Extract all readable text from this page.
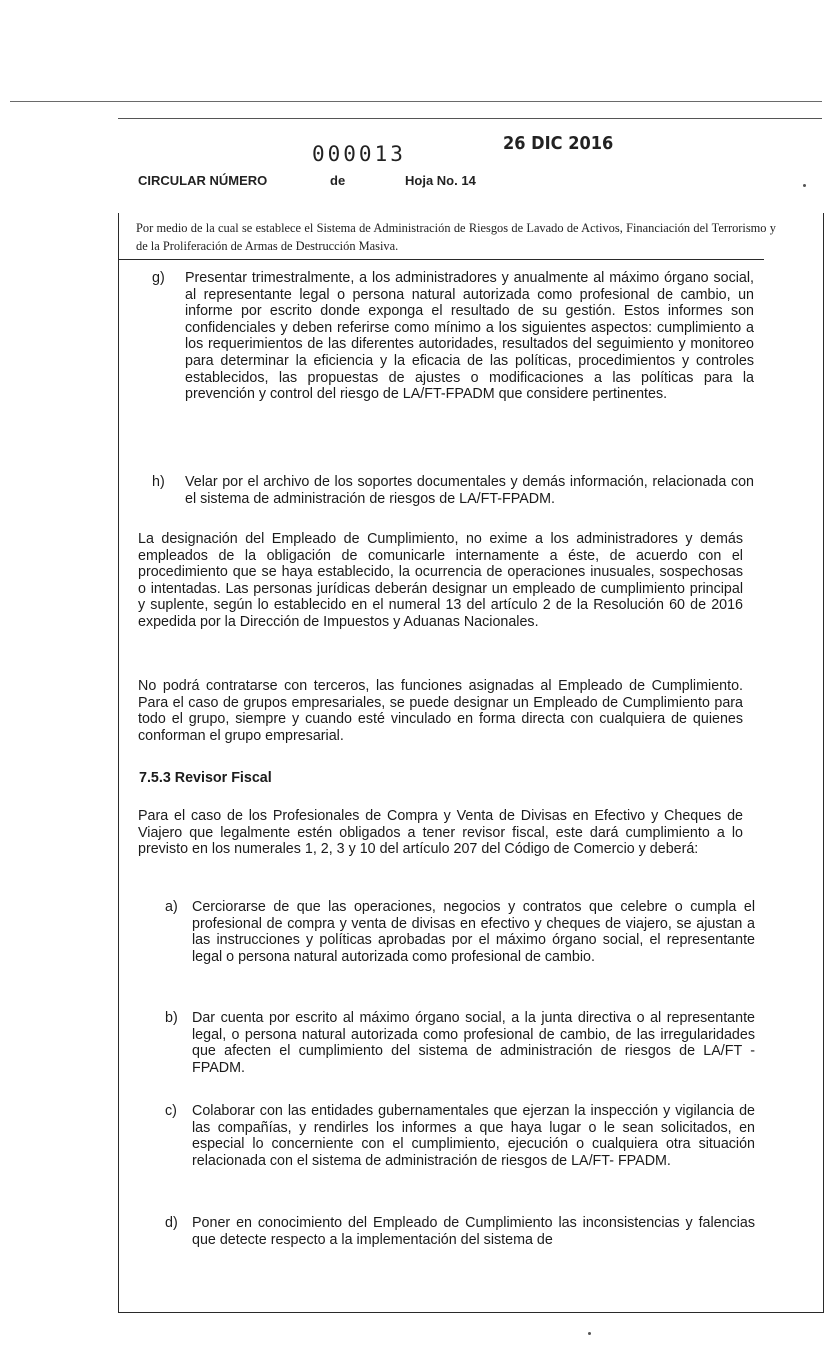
000013	26 DIC 2016
CIRCULAR NÚMERO	de	Hoja No. 14
Por medio de la cual se establece el Sistema de Administración de Riesgos de Lavado de Activos, Financiación del Terrorismo y de la Proliferación de Armas de Destrucción Masiva.
g) Presentar trimestralmente, a los administradores y anualmente al máximo órgano social, al representante legal o persona natural autorizada como profesional de cambio, un informe por escrito donde exponga el resultado de su gestión. Estos informes son confidenciales y deben referirse como mínimo a los siguientes aspectos: cumplimiento a los requerimientos de las diferentes autoridades, resultados del seguimiento y monitoreo para determinar la eficiencia y la eficacia de las políticas, procedimientos y controles establecidos, las propuestas de ajustes o modificaciones a las políticas para la prevención y control del riesgo de LA/FT-FPADM que considere pertinentes.
h) Velar por el archivo de los soportes documentales y demás información, relacionada con el sistema de administración de riesgos de LA/FT-FPADM.
La designación del Empleado de Cumplimiento, no exime a los administradores y demás empleados de la obligación de comunicarle internamente a éste, de acuerdo con el procedimiento que se haya establecido, la ocurrencia de operaciones inusuales, sospechosas o intentadas. Las personas jurídicas deberán designar un empleado de cumplimiento principal y suplente, según lo establecido en el numeral 13 del artículo 2 de la Resolución 60 de 2016 expedida por la Dirección de Impuestos y Aduanas Nacionales.
No podrá contratarse con terceros, las funciones asignadas al Empleado de Cumplimiento. Para el caso de grupos empresariales, se puede designar un Empleado de Cumplimiento para todo el grupo, siempre y cuando esté vinculado en forma directa con cualquiera de quienes conforman el grupo empresarial.
7.5.3 Revisor Fiscal
Para el caso de los Profesionales de Compra y Venta de Divisas en Efectivo y Cheques de Viajero que legalmente estén obligados a tener revisor fiscal, este dará cumplimiento a lo previsto en los numerales 1, 2, 3 y 10 del artículo 207 del Código de Comercio y deberá:
a) Cerciorarse de que las operaciones, negocios y contratos que celebre o cumpla el profesional de compra y venta de divisas en efectivo y cheques de viajero, se ajustan a las instrucciones y políticas aprobadas por el máximo órgano social, el representante legal o persona natural autorizada como profesional de cambio.
b) Dar cuenta por escrito al máximo órgano social, a la junta directiva o al representante legal, o persona natural autorizada como profesional de cambio, de las irregularidades que afecten el cumplimiento del sistema de administración de riesgos de LA/FT - FPADM.
c) Colaborar con las entidades gubernamentales que ejerzan la inspección y vigilancia de las compañías, y rendirles los informes a que haya lugar o le sean solicitados, en especial lo concerniente con el cumplimiento, ejecución o cualquiera otra situación relacionada con el sistema de administración de riesgos de LA/FT- FPADM.
d) Poner en conocimiento del Empleado de Cumplimiento las inconsistencias y falencias que detecte respecto a la implementación del sistema de
